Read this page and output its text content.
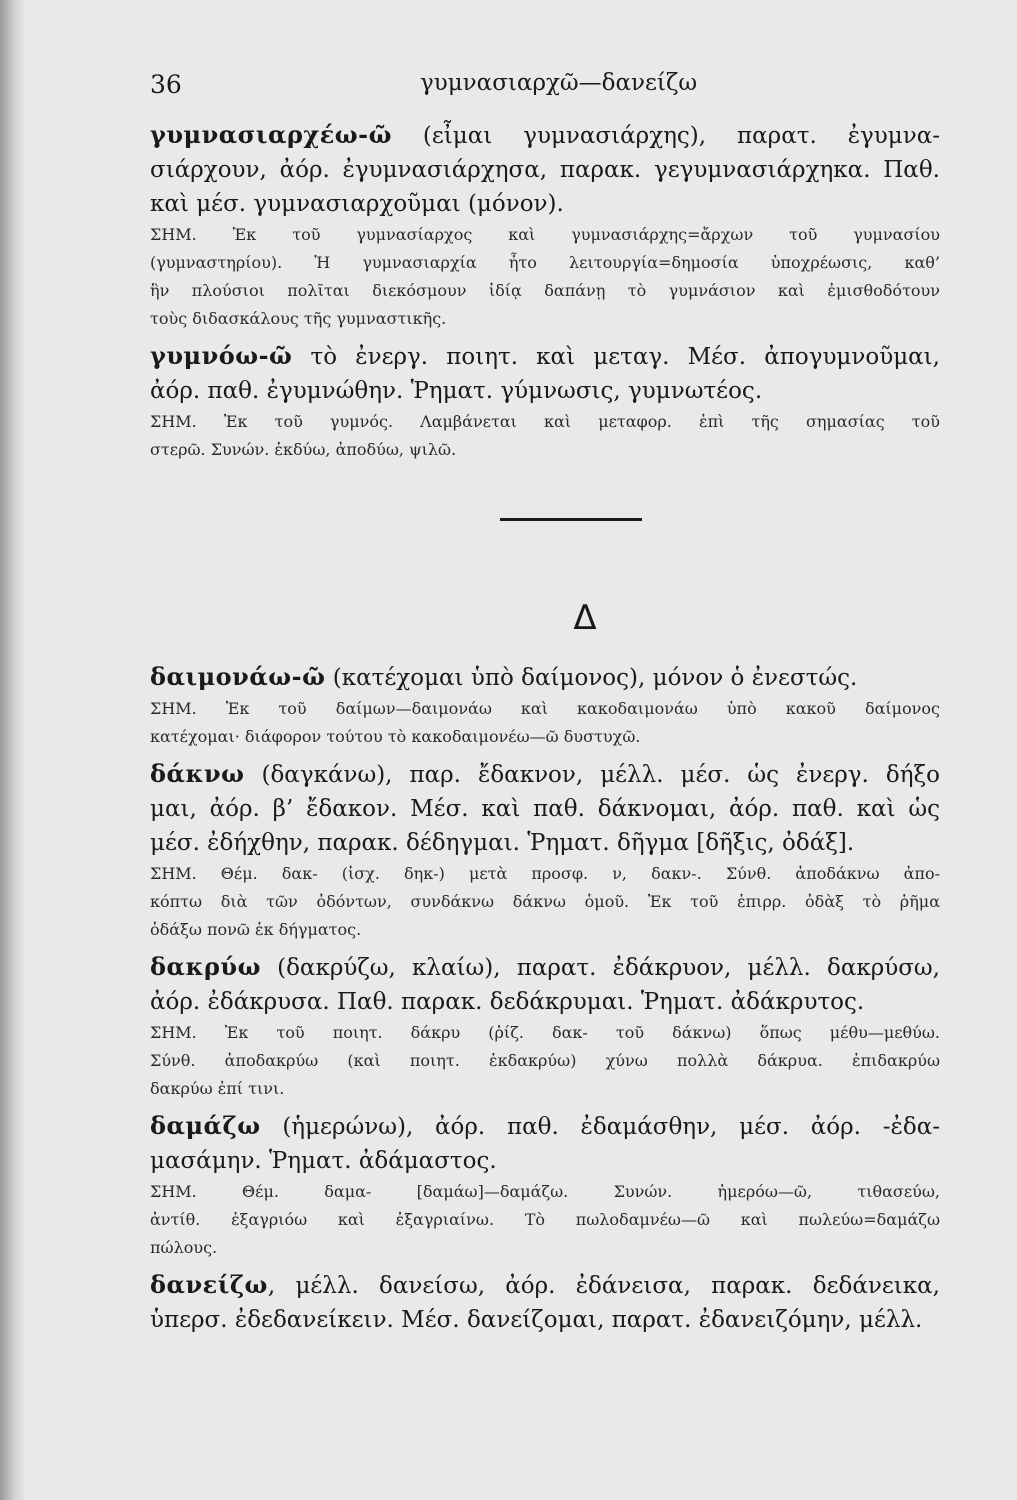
36	γυμνασιαρχῶ—δανείζω

γυμνασιαρχέω-ῶ (εἶμαι γυμνασιάρχης), παρατ. ἐγυμνα-

σιάρχουν, ἀόρ. ἐγυμνασιάρχησα, παρακ. γεγυμνασιάρχηκα. Παθ.

καὶ μέσ. γυμνασιαρχοῦμαι (μόνον).

ΣΗΜ. Ἐκ τοῦ γυμνασίαρχος καὶ γυμνασιάρχης=ἄρχων τοῦ γυμνασίου

(γυμναστηρίου). Ἡ γυμνασιαρχία ἦτο λειτουργία=δημοσία ὑποχρέωσις, καθ’

ἣν πλούσιοι πολῖται διεκόσμουν ἰδίᾳ δαπάνῃ τὸ γυμνάσιον καὶ ἐμισθοδότουν

τοὺς διδασκάλους τῆς γυμναστικῆς.

γυμνόω-ῶ τὸ ἐνεργ. ποιητ. καὶ μεταγ. Μέσ. ἀπογυμνοῦμαι,

ἀόρ. παθ. ἐγυμνώθην. Ῥηματ. γύμνωσις, γυμνωτέος.

ΣΗΜ. Ἐκ τοῦ γυμνός. Λαμβάνεται καὶ μεταφορ. ἐπὶ τῆς σημασίας τοῦ

στερῶ. Συνών. ἐκδύω, ἀποδύω, ψιλῶ.

Δ

δαιμονάω-ῶ (κατέχομαι ὑπὸ δαίμονος), μόνον ὁ ἐνεστώς.

ΣΗΜ. Ἐκ τοῦ δαίμων—δαιμονάω καὶ κακοδαιμονάω ὑπὸ κακοῦ δαίμονος

κατέχομαι· διάφορον τούτου τὸ κακοδαιμονέω—ῶ δυστυχῶ.

δάκνω (δαγκάνω), παρ. ἔδακνον, μέλλ. μέσ. ὡς ἐνεργ. δήξο

μαι, ἀόρ. β’ ἔδακον. Μέσ. καὶ παθ. δάκνομαι, ἀόρ. παθ. καὶ ὡς

μέσ. ἐδήχθην, παρακ. δέδηγμαι. Ῥηματ. δῆγμα [δῆξις, ὀδάξ].

ΣΗΜ. Θέμ. δακ- (ἰσχ. δηκ-) μετὰ προσφ. ν, δακν-. Σύνθ. ἀποδάκνω ἀπο-

κόπτω διὰ τῶν ὀδόντων, συνδάκνω δάκνω ὁμοῦ. Ἐκ τοῦ ἐπιρρ. ὀδὰξ τὸ ῥῆμα

ὀδάξω πονῶ ἐκ δήγματος.

δακρύω (δακρύζω, κλαίω), παρατ. ἐδάκρυον, μέλλ. δακρύσω,

ἀόρ. ἐδάκρυσα. Παθ. παρακ. δεδάκρυμαι. Ῥηματ. ἀδάκρυτος.

ΣΗΜ. Ἐκ τοῦ ποιητ. δάκρυ (ῥίζ. δακ- τοῦ δάκνω) ὅπως μέθυ—μεθύω.

Σύνθ. ἀποδακρύω (καὶ ποιητ. ἐκδακρύω) χύνω πολλὰ δάκρυα. ἐπιδακρύω

δακρύω ἐπί τινι.

δαμάζω (ἡμερώνω), ἀόρ. παθ. ἐδαμάσθην, μέσ. ἀόρ. -ἐδα-

μασάμην. Ῥηματ. ἀδάμαστος.

ΣΗΜ. Θέμ. δαμα- [δαμάω]—δαμάζω. Συνών. ἡμερόω—ῶ, τιθασεύω,

ἀντίθ. ἐξαγριόω καὶ ἐξαγριαίνω. Τὸ πωλοδαμνέω—ῶ καὶ πωλεύω=δαμάζω

πώλους.

δανείζω, μέλλ. δανείσω, ἀόρ. ἐδάνεισα, παρακ. δεδάνεικα,

ὑπερσ. ἐδεδανείκειν. Μέσ. δανείζομαι, παρατ. ἐδανειζόμην, μέλλ.
